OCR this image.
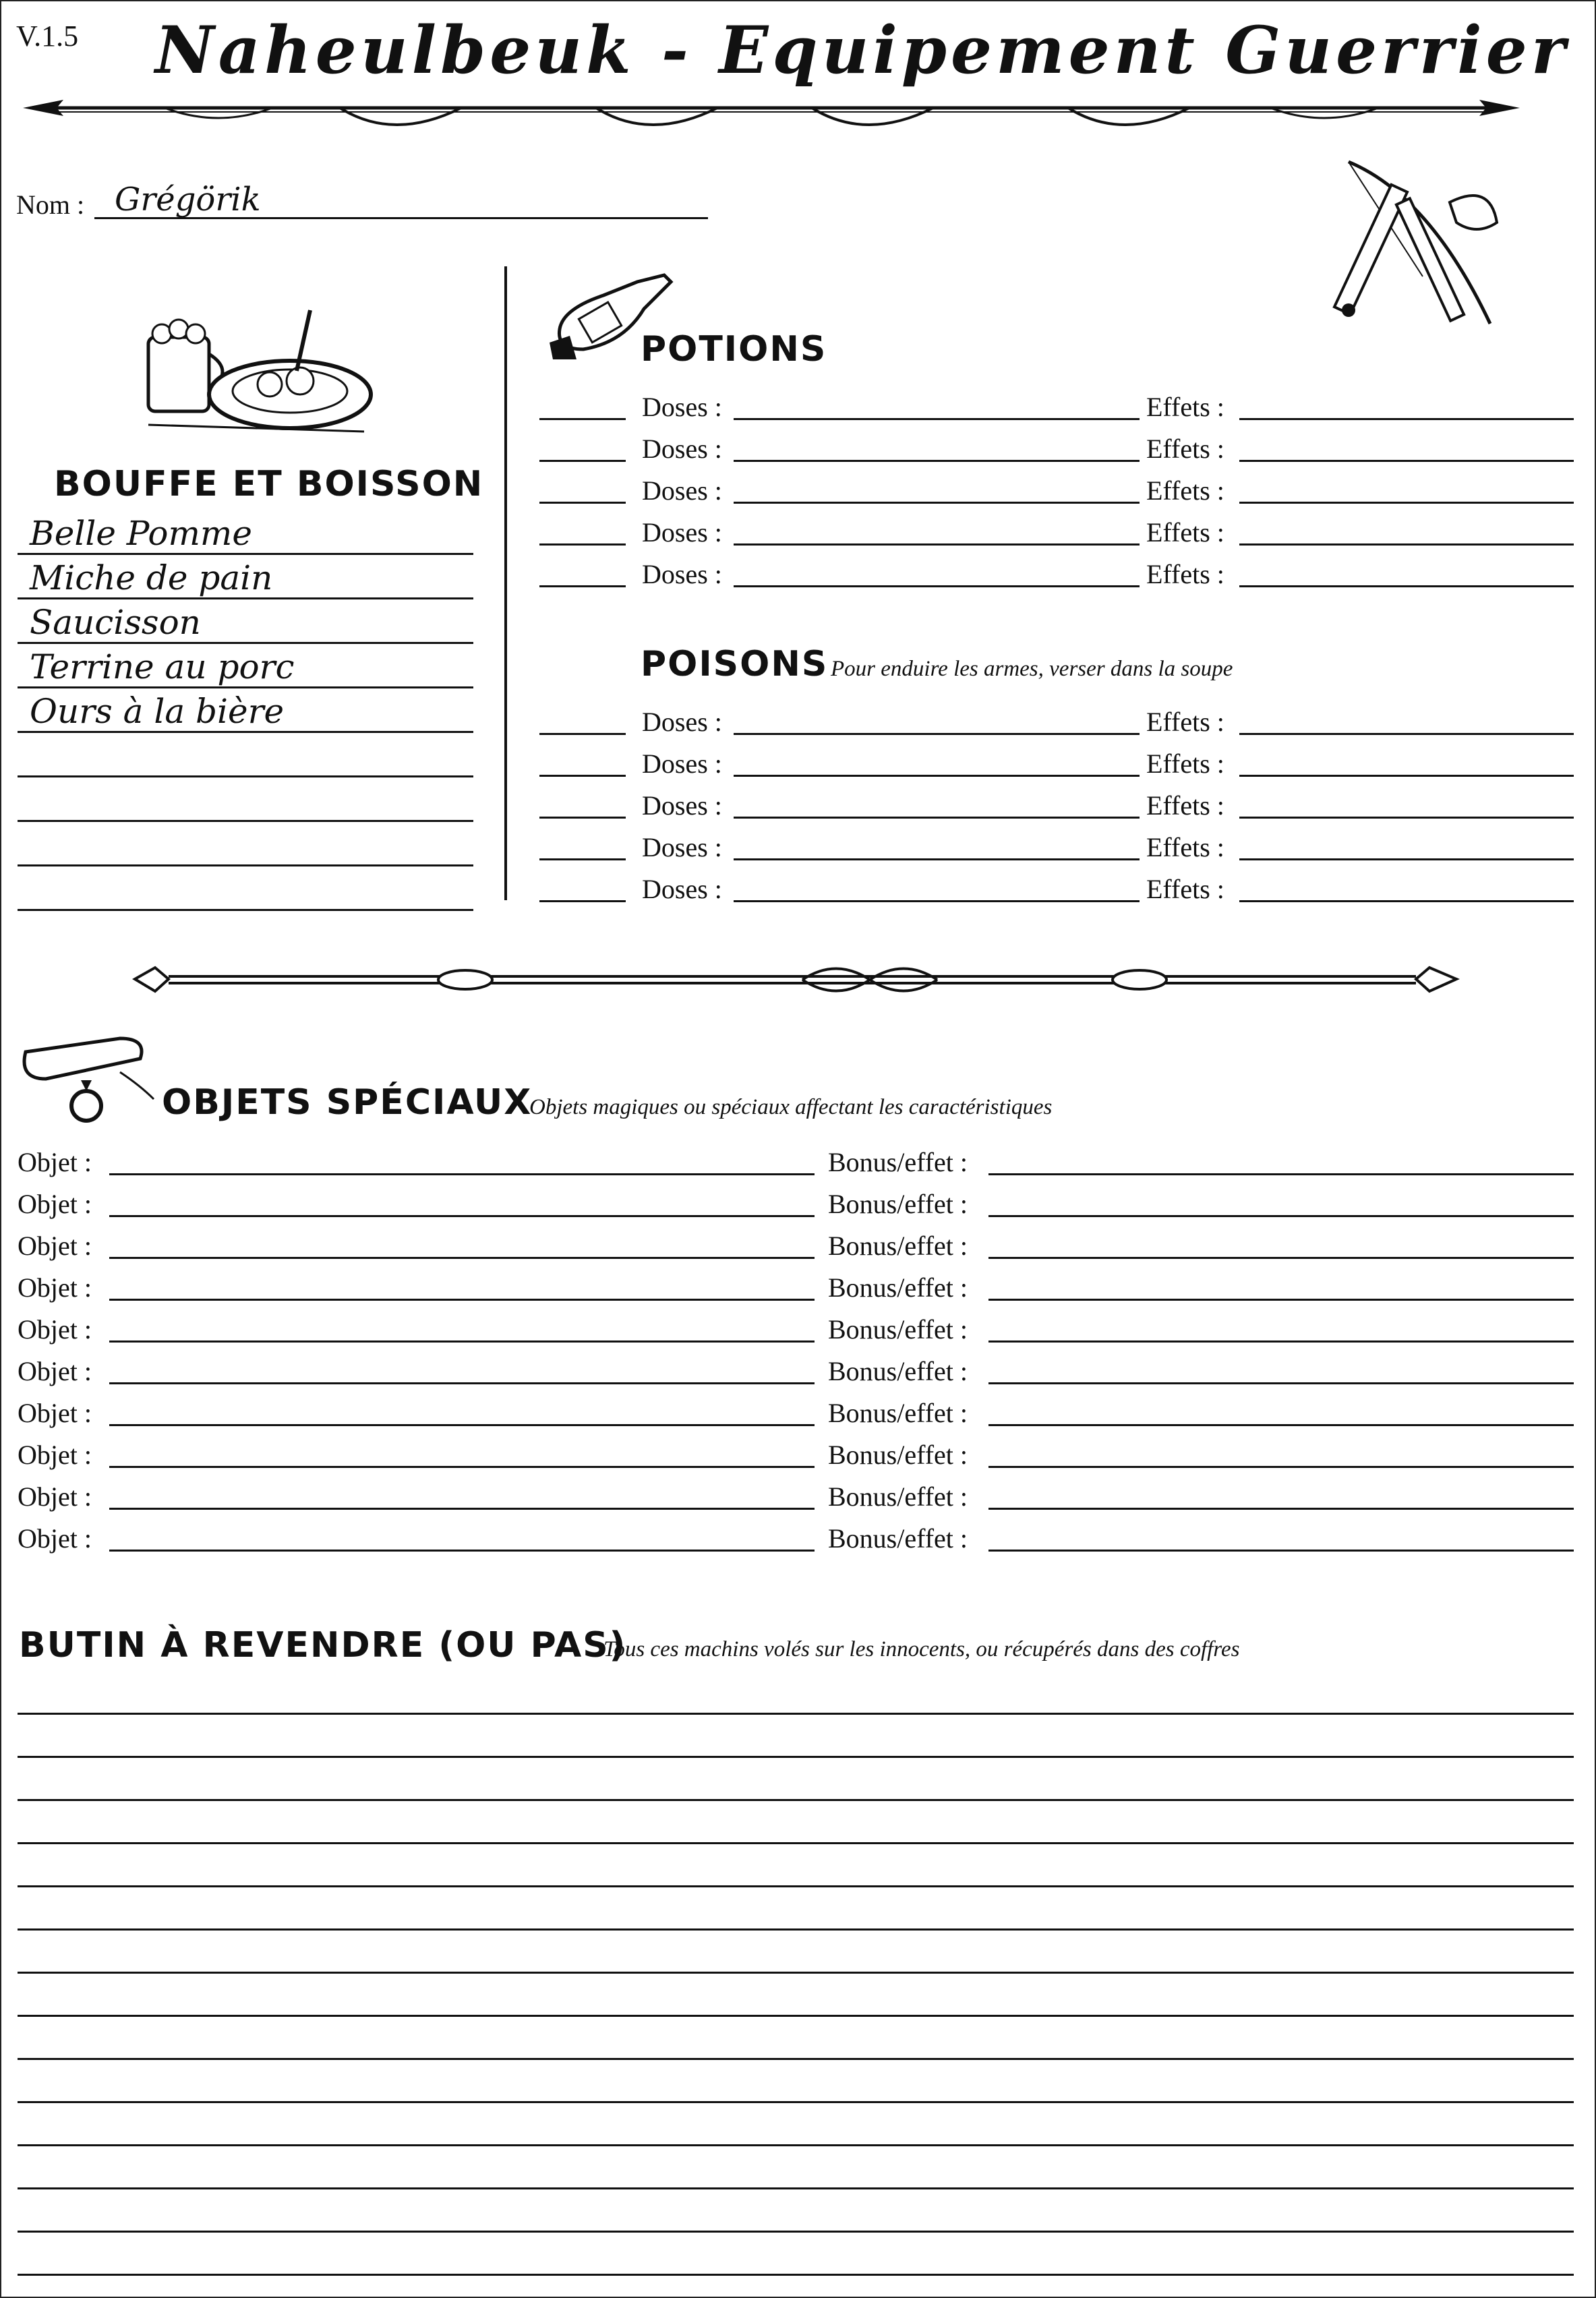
V.1.5 Naheulbeuk - Equipement Guerrier
Nom : Grégörik
BOUFFE ET BOISSON
Belle Pomme
Miche de pain
Saucisson
Terrine au porc
Ours à la bière
POTIONS
Doses :	Effets :
Doses :	Effets :
Doses :	Effets :
Doses :	Effets :
Doses :	Effets :
POISONS Pour enduire les armes, verser dans la soupe
Doses :	Effets :
Doses :	Effets :
Doses :	Effets :
Doses :	Effets :
Doses :	Effets :
OBJETS SPÉCIAUX
Objets magiques ou spéciaux affectant les caractéristiques
Objet :	Bonus/effet :
Objet :	Bonus/effet :
Objet :	Bonus/effet :
Objet :	Bonus/effet :
Objet :	Bonus/effet :
Objet :	Bonus/effet :
Objet :	Bonus/effet :
Objet :	Bonus/effet :
Objet :	Bonus/effet :
Objet :	Bonus/effet :
BUTIN À REVENDRE (OU PAS)
Tous ces machins volés sur les innocents, ou récupérés dans des coffres
